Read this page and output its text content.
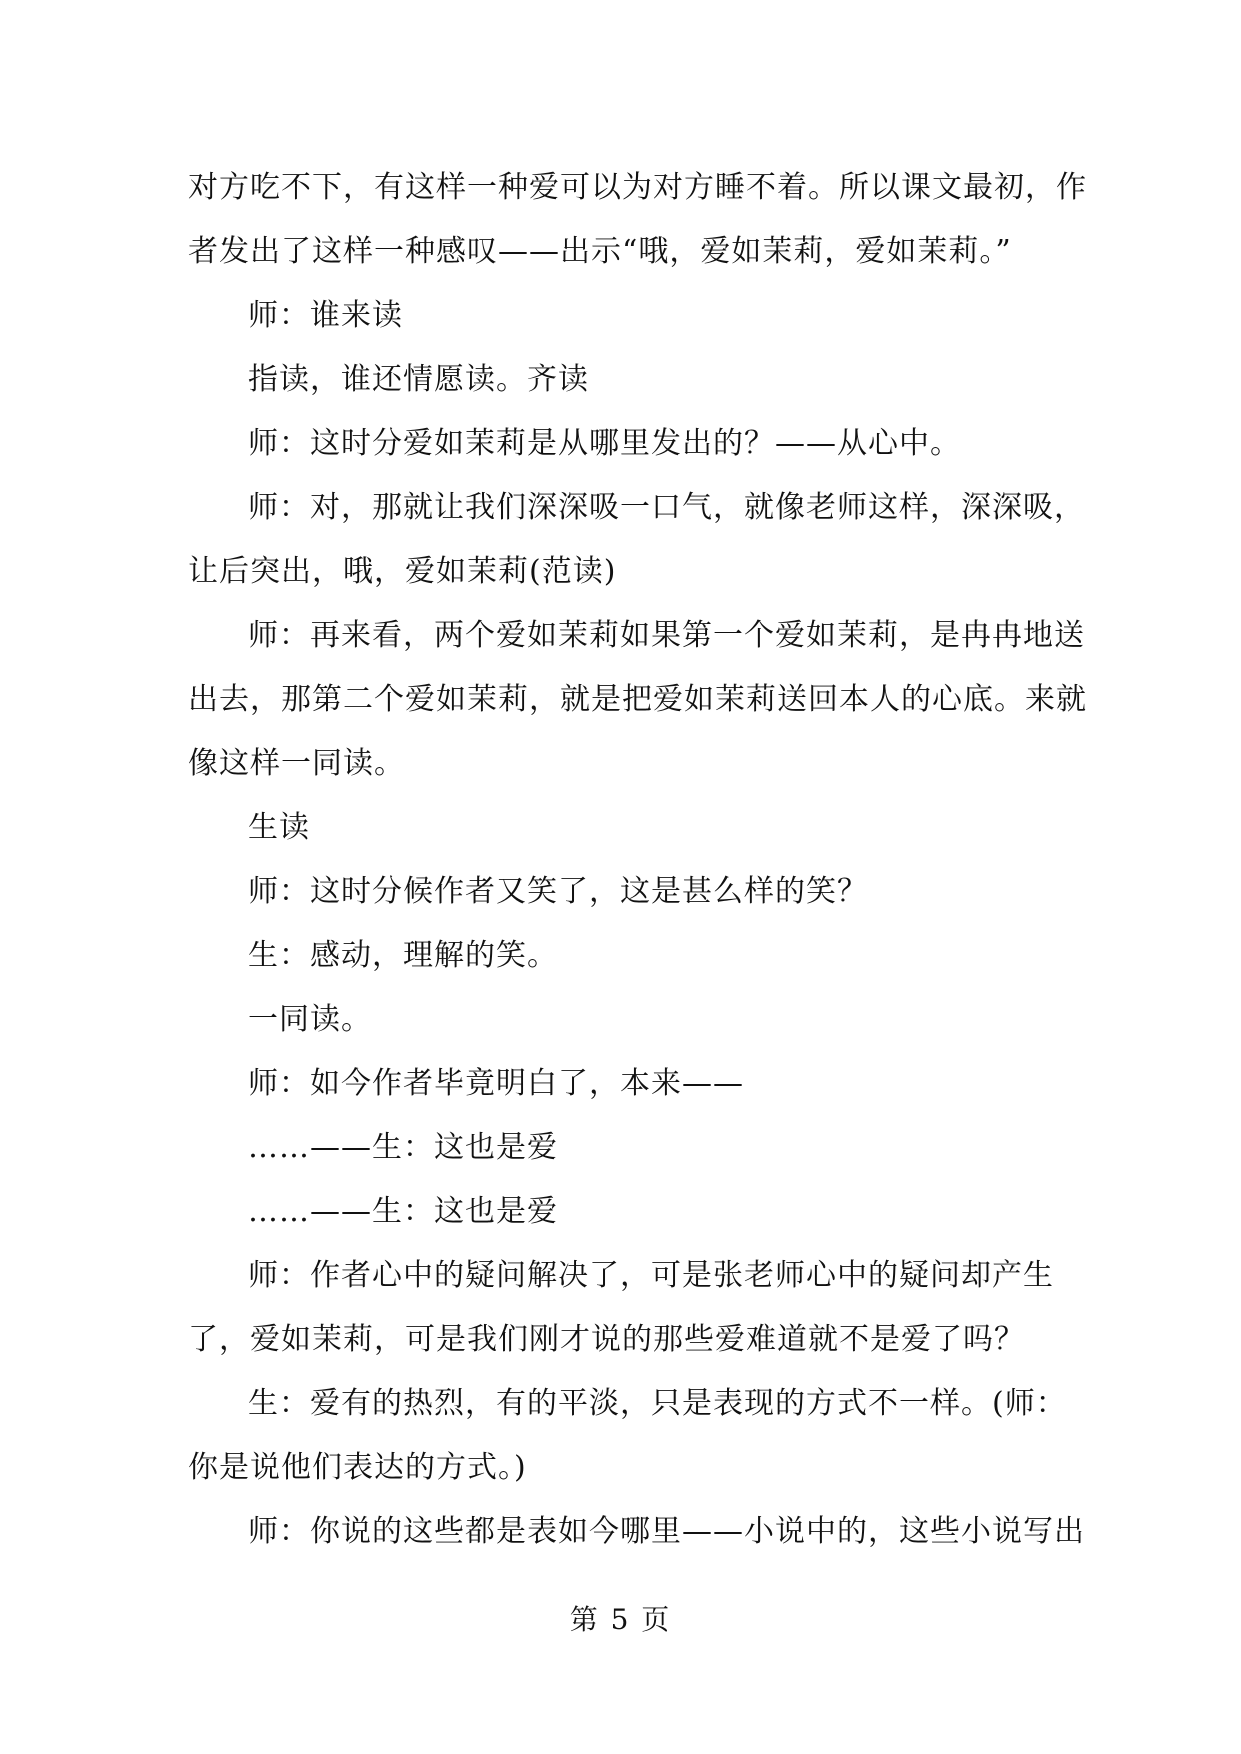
对方吃不下，有这样一种爱可以为对方睡不着。所以课文最初，作者发出了这样一种感叹——出示“哦，爱如茉莉，爱如茉莉。”

师：谁来读

指读，谁还情愿读。齐读

师：这时分爱如茉莉是从哪里发出的？——从心中。

师：对，那就让我们深深吸一口气，就像老师这样，深深吸，让后突出，哦，爱如茉莉(范读)

师：再来看，两个爱如茉莉如果第一个爱如茉莉，是冉冉地送出去，那第二个爱如茉莉，就是把爱如茉莉送回本人的心底。来就像这样一同读。

生读

师：这时分候作者又笑了，这是甚么样的笑？

生：感动，理解的笑。

一同读。

师：如今作者毕竟明白了，本来——

……——生：这也是爱

……——生：这也是爱

师：作者心中的疑问解决了，可是张老师心中的疑问却产生了，爱如茉莉，可是我们刚才说的那些爱难道就不是爱了吗？

生：爱有的热烈，有的平淡，只是表现的方式不一样。(师：你是说他们表达的方式。)

师：你说的这些都是表如今哪里——小说中的，这些小说写出

第 5 页
